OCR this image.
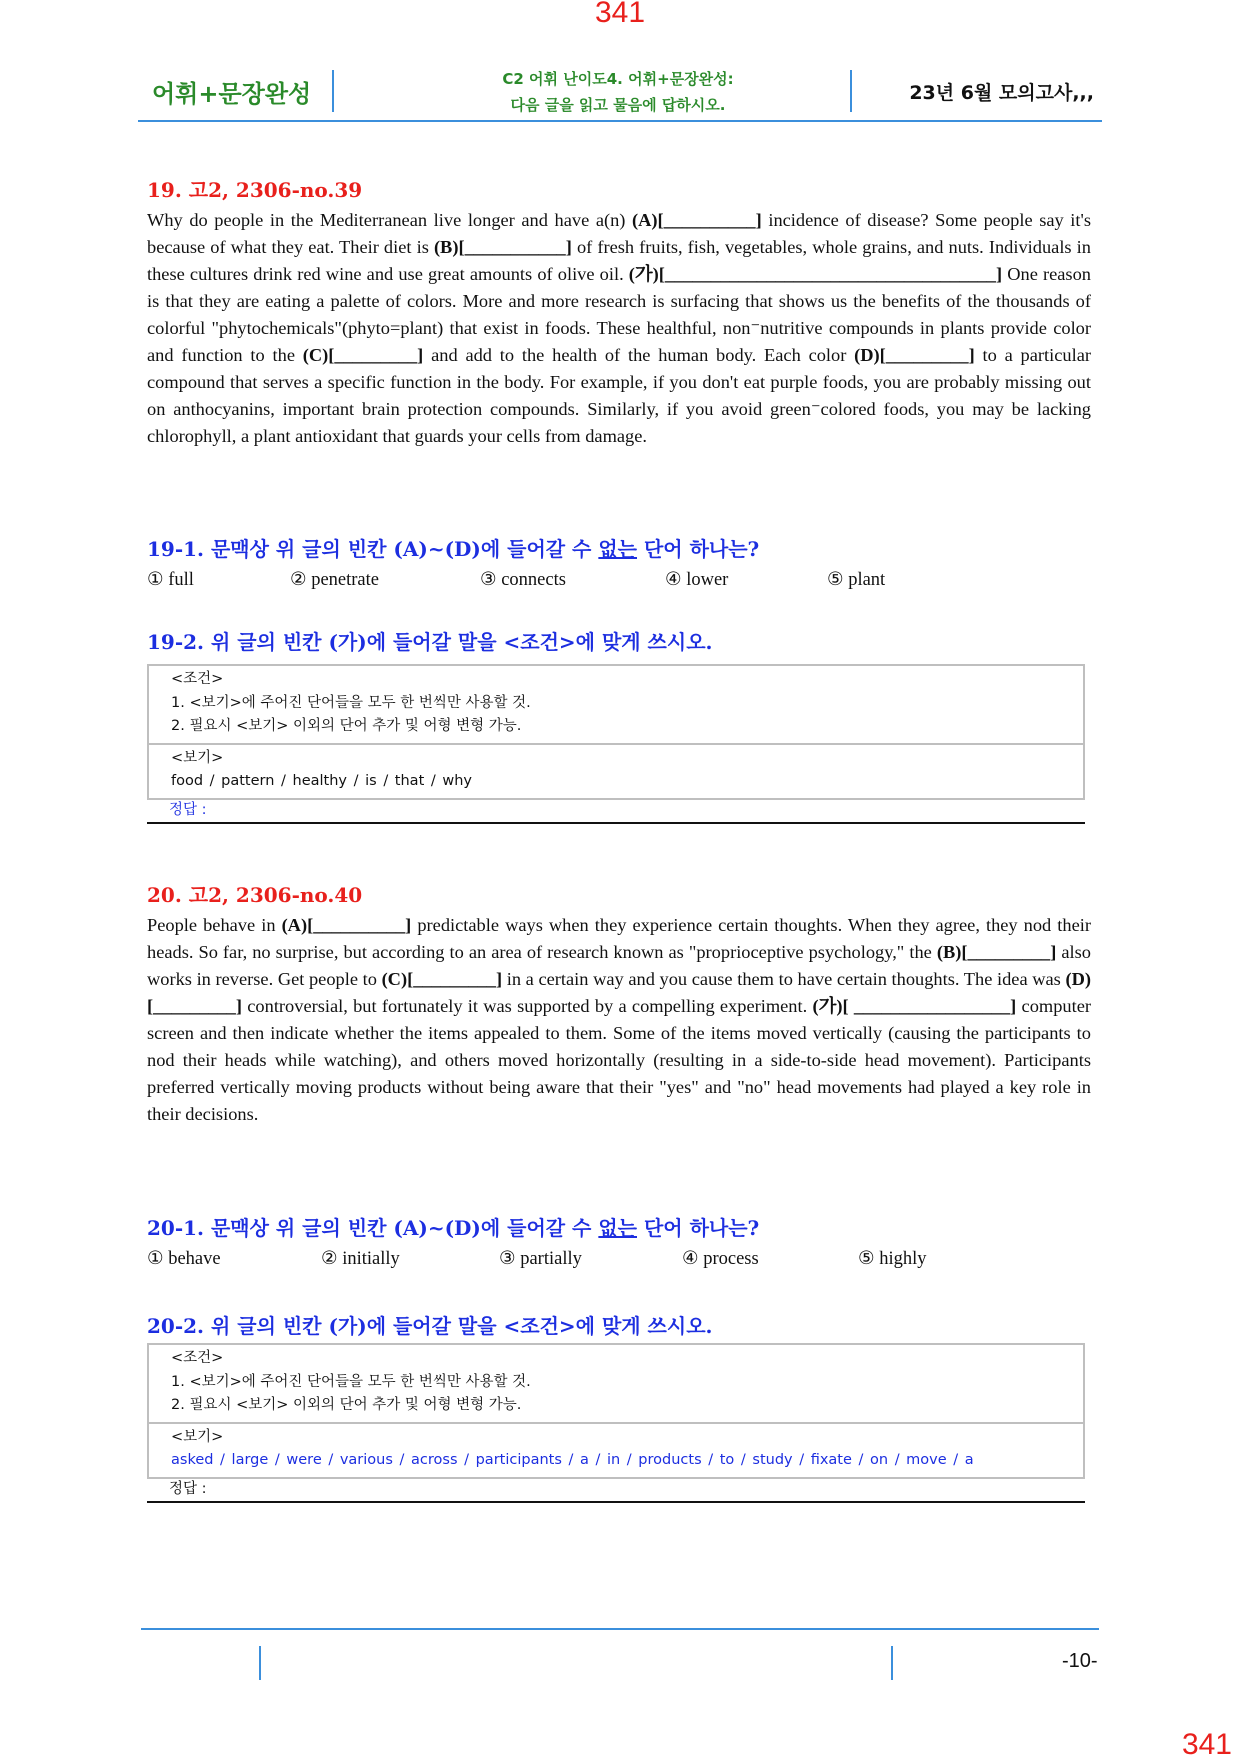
341
어휘+문장완성
C2 어휘 난이도4. 어휘+문장완성:
다음 글을 읽고 물음에 답하시오.
23년 6월 모의고사,,,
19. 고2, 2306-no.39
Why do people in the Mediterranean live longer and have a(n) (A)[__________] incidence of disease? Some people say it's because of what they eat. Their diet is (B)[___________] of fresh fruits, fish, vegetables, whole grains, and nuts. Individuals in these cultures drink red wine and use great amounts of olive oil. (가)[____________________________________] One reason is that they are eating a palette of colors. More and more research is surfacing that shows us the benefits of the thousands of colorful "phytochemicals"(phyto=plant) that exist in foods. These healthful, non⁻nutritive compounds in plants provide color and function to the (C)[_________] and add to the health of the human body. Each color (D)[_________] to a particular compound that serves a specific function in the body. For example, if you don't eat purple foods, you are probably missing out on anthocyanins, important brain protection compounds. Similarly, if you avoid green⁻colored foods, you may be lacking chlorophyll, a plant antioxidant that guards your cells from damage.
19-1. 문맥상 위 글의 빈칸 (A)~(D)에 들어갈 수 없는 단어 하나는?
① full	② penetrate	③ connects	④ lower	⑤ plant
19-2. 위 글의 빈칸 (가)에 들어갈 말을 <조건>에 맞게 쓰시오.
<조건>
1. <보기>에 주어진 단어들을 모두 한 번씩만 사용할 것.
2. 필요시 <보기> 이외의 단어 추가 및 어형 변형 가능.
<보기>
food / pattern / healthy / is / that / why
정답 :
20. 고2, 2306-no.40
People behave in (A)[__________] predictable ways when they experience certain thoughts. When they agree, they nod their heads. So far, no surprise, but according to an area of research known as "proprioceptive psychology," the (B)[_________] also works in reverse. Get people to (C)[_________] in a certain way and you cause them to have certain thoughts. The idea was (D)[_________] controversial, but fortunately it was supported by a compelling experiment. (가)[ _________________] computer screen and then indicate whether the items appealed to them. Some of the items moved vertically (causing the participants to nod their heads while watching), and others moved horizontally (resulting in a side-to-side head movement). Participants preferred vertically moving products without being aware that their "yes" and "no" head movements had played a key role in their decisions.
20-1. 문맥상 위 글의 빈칸 (A)~(D)에 들어갈 수 없는 단어 하나는?
① behave	② initially	③ partially	④ process	⑤ highly
20-2. 위 글의 빈칸 (가)에 들어갈 말을 <조건>에 맞게 쓰시오.
<조건>
1. <보기>에 주어진 단어들을 모두 한 번씩만 사용할 것.
2. 필요시 <보기> 이외의 단어 추가 및 어형 변형 가능.
<보기>
asked / large / were / various / across / participants / a / in / products / to / study / fixate / on / move / a
정답 :
-10-
341
